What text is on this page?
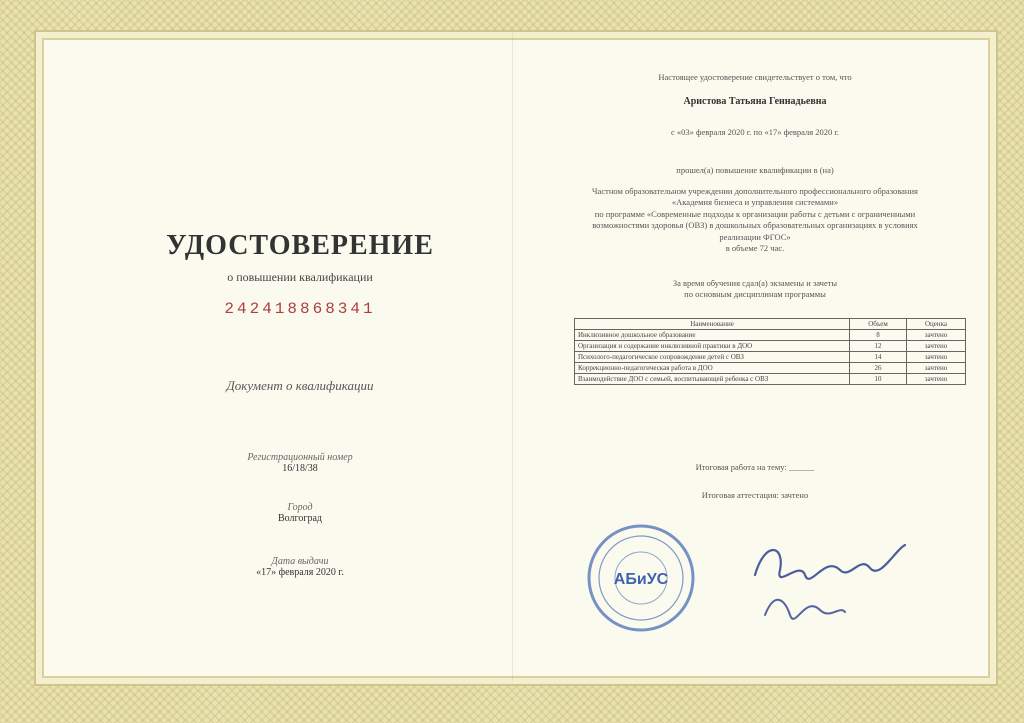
УДОСТОВЕРЕНИЕ
о повышении квалификации
242418868341
Документ о квалификации
Регистрационный номер
16/18/38
Город
Волгоград
Дата выдачи
«17» февраля 2020 г.
Настоящее удостоверение свидетельствует о том, что
Аристова Татьяна Геннадьевна
с «03» февраля 2020 г. по «17» февраля 2020 г.
прошел(а) повышение квалификации в (на)
Частном образовательном учреждении дополнительного профессионального образования
«Академия бизнеса и управления системами»
по программе «Современные подходы к организации работы с детьми с ограниченными
возможностями здоровья (ОВЗ) в дошкольных образовательных организациях в условиях
реализации ФГОС»
в объеме 72 час.
За время обучения сдал(а) экзамены и зачеты
по основным дисциплинам программы
Наименование	Объем	Оценка
Инклюзивное дошкольное образование	8	зачтено
Организация и содержание инклюзивной практики в ДОО	12	зачтено
Психолого-педагогическое сопровождение детей с ОВЗ	14	зачтено
Коррекционно-педагогическая работа в ДОО	26	зачтено
Взаимодействие ДОО с семьей, воспитывающей ребенка с ОВЗ	10	зачтено
Итоговая работа на тему: ______
Итоговая аттестация: зачтено
АБиУС
